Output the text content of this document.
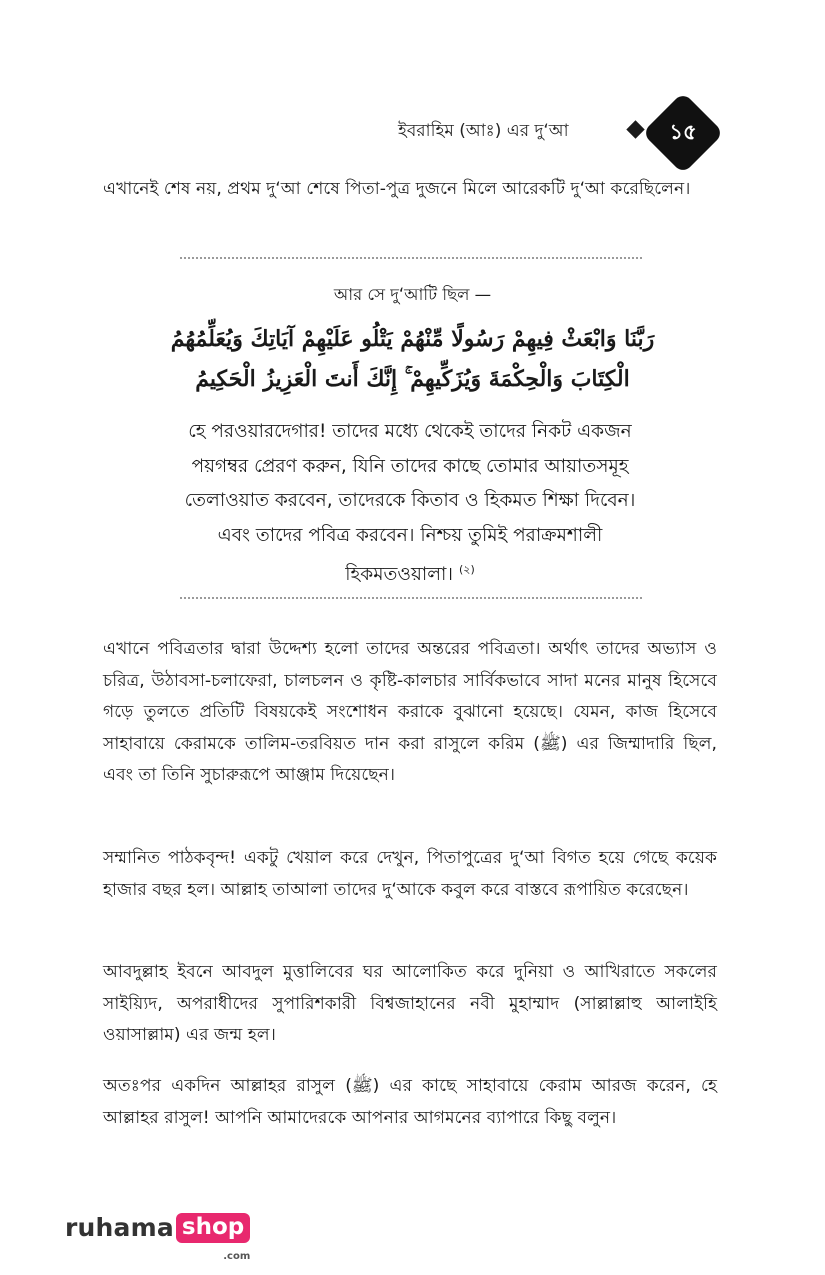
১৫
ইবরাহিম (আঃ) এর দু‘আ

এখানেই শেষ নয়, প্রথম দু‘আ শেষে পিতা-পুত্র দুজনে মিলে আরেকটি দু‘আ করেছিলেন।

আর সে দু‘আটি ছিল —
رَبَّنَا وَابْعَثْ فِيهِمْ رَسُولًا مِّنْهُمْ يَتْلُو عَلَيْهِمْ آيَاتِكَ وَيُعَلِّمُهُمُ
الْكِتَابَ وَالْحِكْمَةَ وَيُزَكِّيهِمْ ۚ إِنَّكَ أَنتَ الْعَزِيزُ الْحَكِيمُ

হে পরওয়ারদেগার! তাদের মধ্যে থেকেই তাদের নিকট একজন পয়গম্বর প্রেরণ করুন, যিনি তাদের কাছে তোমার আয়াতসমূহ তেলাওয়াত করবেন, তাদেরকে কিতাব ও হিকমত শিক্ষা দিবেন। এবং তাদের পবিত্র করবেন। নিশ্চয় তুমিই পরাক্রমশালী হিকমতওয়ালা। $^{(২)}$

এখানে পবিত্রতার দ্বারা উদ্দেশ্য হলো তাদের অন্তরের পবিত্রতা। অর্থাৎ তাদের অভ্যাস ও চরিত্র, উঠাবসা-চলাফেরা, চালচলন ও কৃষ্টি-কালচার সার্বিকভাবে সাদা মনের মানুষ হিসেবে গড়ে তুলতে প্রতিটি বিষয়কেই সংশোধন করাকে বুঝানো হয়েছে। যেমন, কাজ হিসেবে সাহাবায়ে কেরামকে তালিম-তরবিয়ত দান করা রাসুলে করিম (ﷺ) এর জিম্মাদারি ছিল, এবং তা তিনি সুচারুরূপে আঞ্জাম দিয়েছেন।

সম্মানিত পাঠকবৃন্দ! একটু খেয়াল করে দেখুন, পিতাপুত্রের দু‘আ বিগত হয়ে গেছে কয়েক হাজার বছর হল। আল্লাহ তাআলা তাদের দু‘আকে কবুল করে বাস্তবে রূপায়িত করেছেন।

আবদুল্লাহ ইবনে আবদুল মুত্তালিবের ঘর আলোকিত করে দুনিয়া ও আখিরাতে সকলের সাইয়্যিদ, অপরাধীদের সুপারিশকারী বিশ্বজাহানের নবী মুহাম্মাদ (সাল্লাল্লাহু আলাইহি ওয়াসাল্লাম) এর জন্ম হল।

অতঃপর একদিন আল্লাহর রাসুল (ﷺ) এর কাছে সাহাবায়ে কেরাম আরজ করেন, হে আল্লাহর রাসুল! আপনি আমাদেরকে আপনার আগমনের ব্যাপারে কিছু বলুন।

ruhama shop
.com
